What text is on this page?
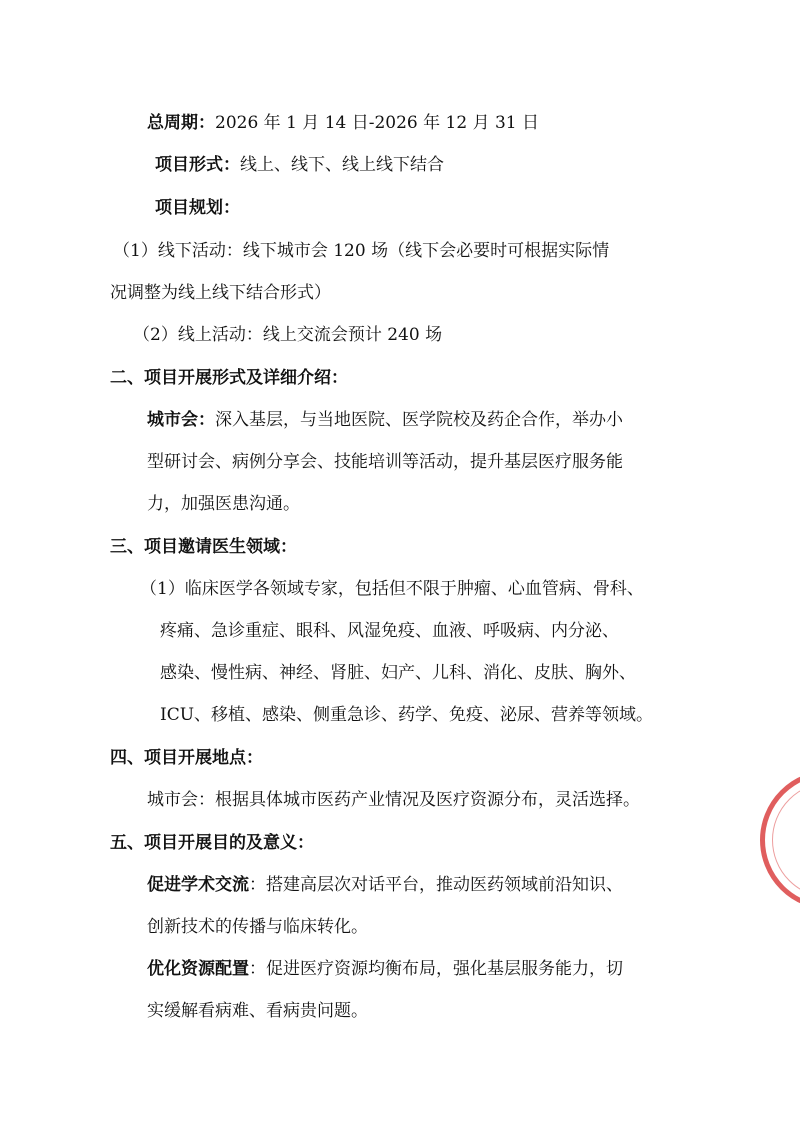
总周期：2026 年 1 月 14 日-2026 年 12 月 31 日
项目形式：线上、线下、线上线下结合
项目规划：
（1）线下活动：线下城市会 120 场（线下会必要时可根据实际情
况调整为线上线下结合形式）
（2）线上活动：线上交流会预计 240 场
二、项目开展形式及详细介绍：
城市会：深入基层，与当地医院、医学院校及药企合作，举办小
型研讨会、病例分享会、技能培训等活动，提升基层医疗服务能
力，加强医患沟通。
三、项目邀请医生领域：
（1）临床医学各领域专家，包括但不限于肿瘤、心血管病、骨科、
疼痛、急诊重症、眼科、风湿免疫、血液、呼吸病、内分泌、
感染、慢性病、神经、肾脏、妇产、儿科、消化、皮肤、胸外、
ICU、移植、感染、侧重急诊、药学、免疫、泌尿、营养等领域。
四、项目开展地点：
城市会：根据具体城市医药产业情况及医疗资源分布，灵活选择。
五、项目开展目的及意义：
促进学术交流：搭建高层次对话平台，推动医药领域前沿知识、
创新技术的传播与临床转化。
优化资源配置：促进医疗资源均衡布局，强化基层服务能力，切
实缓解看病难、看病贵问题。
